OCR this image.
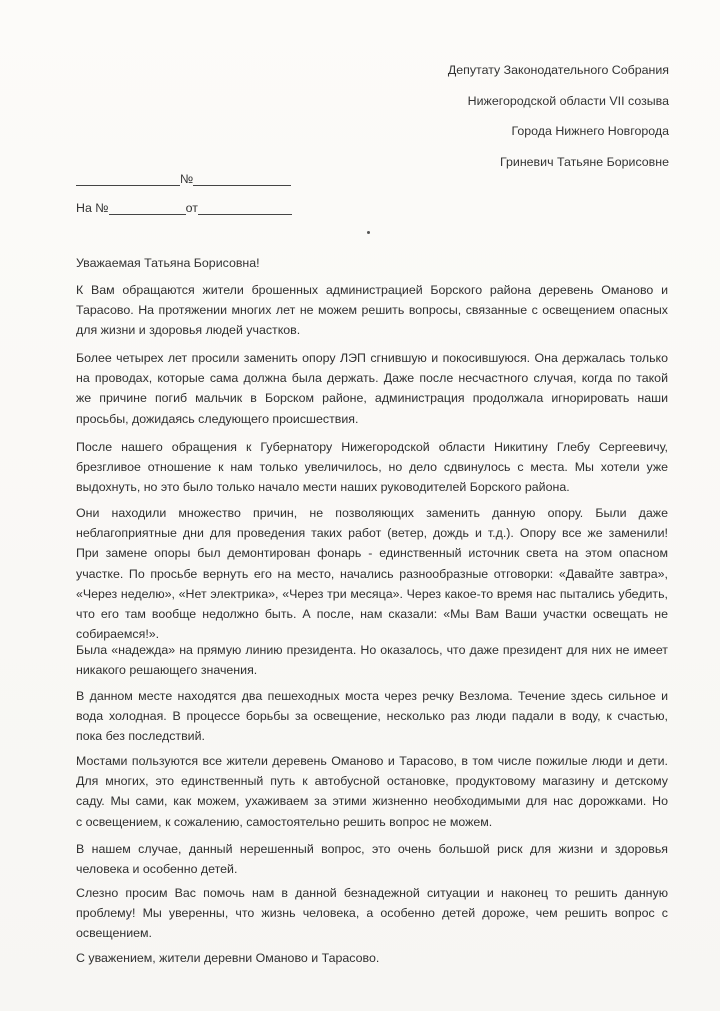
Депутату Законодательного Собрания
Нижегородской области VII созыва
Города Нижнего Новгорода
Гриневич Татьяне Борисовне
№
На №	от
Уважаемая Татьяна Борисовна!
К Вам обращаются жители брошенных администрацией Борского района деревень Оманово и
Тарасово. На протяжении многих лет не можем решить вопросы, связанные с освещением опасных
для жизни и здоровья людей участков.
Более четырех лет просили заменить опору ЛЭП сгнившую и покосившуюся. Она держалась только
на проводах, которые сама должна была держать. Даже после несчастного случая, когда по такой
же причине погиб мальчик в Борском районе, администрация продолжала игнорировать наши
просьбы, дожидаясь следующего происшествия.
После нашего обращения к Губернатору Нижегородской области Никитину Глебу Сергеевичу,
брезгливое отношение к нам только увеличилось, но дело сдвинулось с места. Мы хотели уже
выдохнуть, но это было только начало мести наших руководителей Борского района.
Они находили множество причин, не позволяющих заменить данную опору. Были даже
неблагоприятные дни для проведения таких работ (ветер, дождь и т.д.). Опору все же заменили!
При замене опоры был демонтирован фонарь - единственный источник света на этом опасном
участке. По просьбе вернуть его на место, начались разнообразные отговорки: «Давайте завтра»,
«Через неделю», «Нет электрика», «Через три месяца». Через какое-то время нас пытались убедить,
что его там вообще недолжно быть. А после, нам сказали: «Мы Вам Ваши участки освещать не
собираемся!».
Была «надежда» на прямую линию президента. Но оказалось, что даже президент для них не имеет
никакого решающего значения.
В данном месте находятся два пешеходных моста через речку Везлома. Течение здесь сильное и
вода холодная. В процессе борьбы за освещение, несколько раз люди падали в воду, к счастью,
пока без последствий.
Мостами пользуются все жители деревень Оманово и Тарасово, в том числе пожилые люди и дети.
Для многих, это единственный путь к автобусной остановке, продуктовому магазину и детскому
саду. Мы сами, как можем, ухаживаем за этими жизненно необходимыми для нас дорожками. Но
с освещением, к сожалению, самостоятельно решить вопрос не можем.
В нашем случае, данный нерешенный вопрос, это очень большой риск для жизни и здоровья
человека и особенно детей.
Слезно просим Вас помочь нам в данной безнадежной ситуации и наконец то решить данную
проблему! Мы уверенны, что жизнь человека, а особенно детей дороже, чем решить вопрос с
освещением.
С уважением, жители деревни Оманово и Тарасово.
